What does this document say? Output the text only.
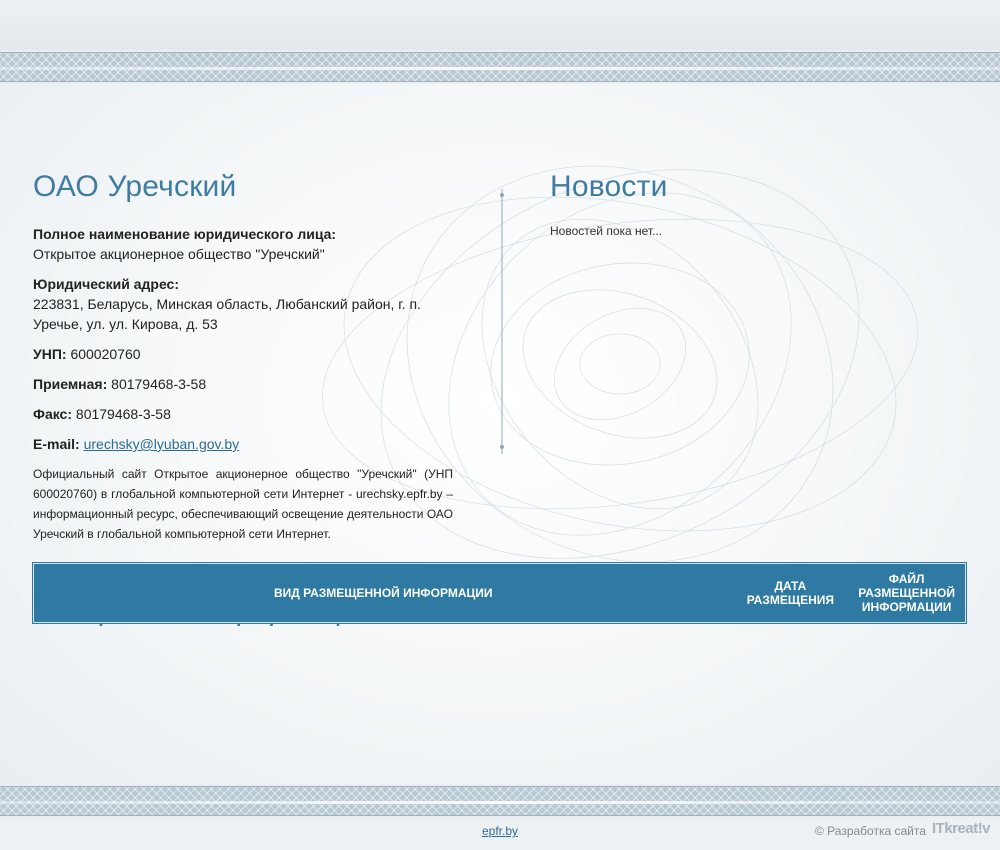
ОАО Уречский

Полное наименование юридического лица:
Открытое акционерное общество "Уречский"

Юридический адрес:
223831, Беларусь, Минская область, Любанский район, г. п. Уречье, ул. ул. Кирова, д. 53

УНП: 600020760

Приемная: 80179468-3-58

Факс: 80179468-3-58

E-mail: urechsky@lyuban.gov.by

Официальный сайт Открытое акционерное общество "Уречский" (УНП 600020760) в глобальной компьютерной сети Интернет - urechsky.epfr.by – информационный ресурс, обеспечивающий освещение деятельности ОАО Уречский в глобальной компьютерной сети Интернет.

Новости
Новостей пока нет...
ВИД РАЗМЕЩЕННОЙ ИНФОРМАЦИИ	ДАТА РАЗМЕЩЕНИЯ
ФАЙЛ РАЗМЕЩЕННОЙ ИНФОРМАЦИИ
epfr.by	© Разработка сайта ITkreat!v
